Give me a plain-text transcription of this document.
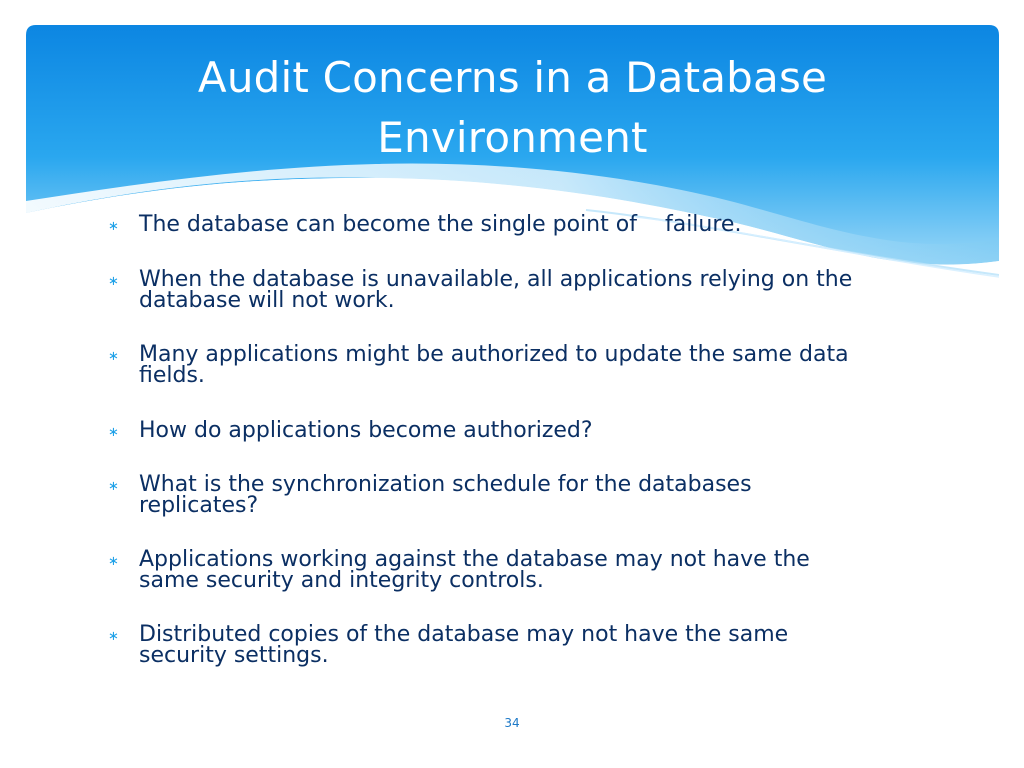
Audit Concerns in a Database
Environment
∗ The database can become the single point of failure.
∗ When the database is unavailable, all applications relying on the
database will not work.
∗ Many applications might be authorized to update the same data
fields.
∗ How do applications become authorized?
∗ What is the synchronization schedule for the databases
replicates?
∗ Applications working against the database may not have the
same security and integrity controls.
∗ Distributed copies of the database may not have the same
security settings.
34
